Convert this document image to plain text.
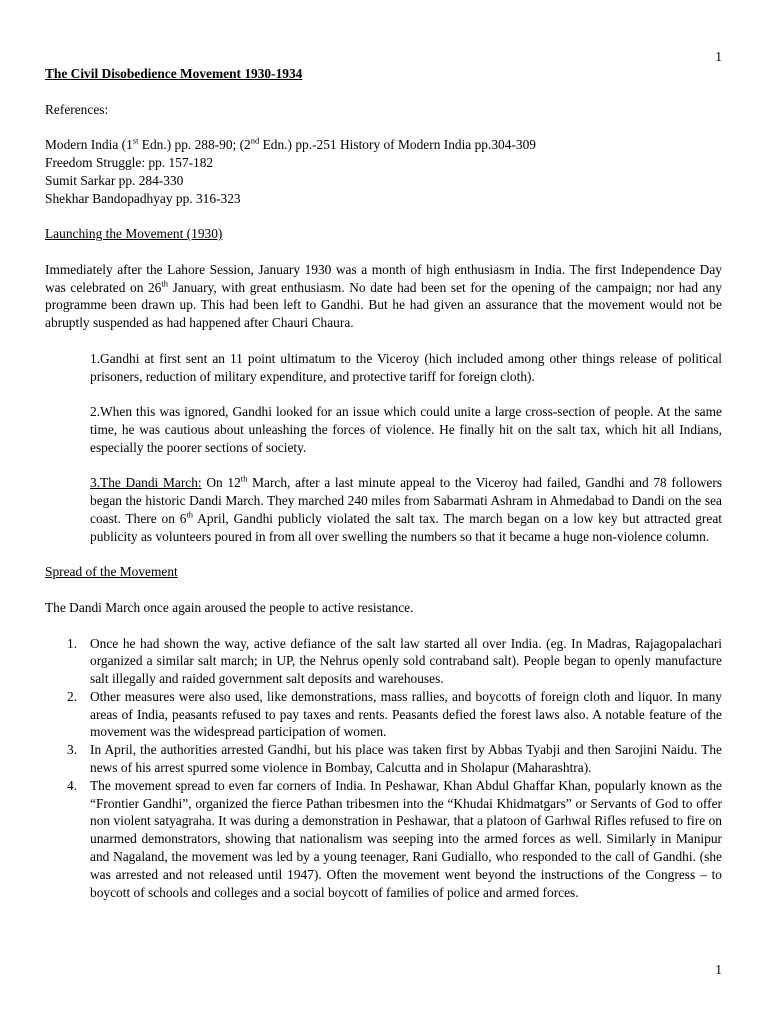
1

The Civil Disobedience Movement 1930-1934

References:

Modern India (1st Edn.) pp. 288-90; (2nd Edn.) pp.-251 History of Modern India pp.304-309

Freedom Struggle: pp. 157-182

Sumit Sarkar pp. 284-330

Shekhar Bandopadhyay pp. 316-323

Launching the Movement (1930)

Immediately after the Lahore Session, January 1930 was a month of high enthusiasm in India. The first Independence Day was celebrated on 26th January, with great enthusiasm. No date had been set for the opening of the campaign; nor had any programme been drawn up. This had been left to Gandhi. But he had given an assurance that the movement would not be abruptly suspended as had happened after Chauri Chaura.

1.Gandhi at first sent an 11 point ultimatum to the Viceroy (hich included among other things release of political prisoners, reduction of military expenditure, and protective tariff for foreign cloth).

2.When this was ignored, Gandhi looked for an issue which could unite a large cross-section of people. At the same time, he was cautious about unleashing the forces of violence. He finally hit on the salt tax, which hit all Indians, especially the poorer sections of society.

3.The Dandi March: On 12th March, after a last minute appeal to the Viceroy had failed, Gandhi and 78 followers began the historic Dandi March. They marched 240 miles from Sabarmati Ashram in Ahmedabad to Dandi on the sea coast. There on 6th April, Gandhi publicly violated the salt tax. The march began on a low key but attracted great publicity as volunteers poured in from all over swelling the numbers so that it became a huge non-violence column.

Spread of the Movement

The Dandi March once again aroused the people to active resistance.

1. Once he had shown the way, active defiance of the salt law started all over India. (eg. In Madras, Rajagopalachari organized a similar salt march; in UP, the Nehrus openly sold contraband salt). People began to openly manufacture salt illegally and raided government salt deposits and warehouses.
2. Other measures were also used, like demonstrations, mass rallies, and boycotts of foreign cloth and liquor. In many areas of India, peasants refused to pay taxes and rents. Peasants defied the forest laws also. A notable feature of the movement was the widespread participation of women.
3. In April, the authorities arrested Gandhi, but his place was taken first by Abbas Tyabji and then Sarojini Naidu. The news of his arrest spurred some violence in Bombay, Calcutta and in Sholapur (Maharashtra).
4. The movement spread to even far corners of India. In Peshawar, Khan Abdul Ghaffar Khan, popularly known as the “Frontier Gandhi”, organized the fierce Pathan tribesmen into the “Khudai Khidmatgars” or Servants of God to offer non violent satyagraha. It was during a demonstration in Peshawar, that a platoon of Garhwal Rifles refused to fire on unarmed demonstrators, showing that nationalism was seeping into the armed forces as well. Similarly in Manipur and Nagaland, the movement was led by a young teenager, Rani Gudiallo, who responded to the call of Gandhi. (she was arrested and not released until 1947). Often the movement went beyond the instructions of the Congress – to boycott of schools and colleges and a social boycott of families of police and armed forces.
1
